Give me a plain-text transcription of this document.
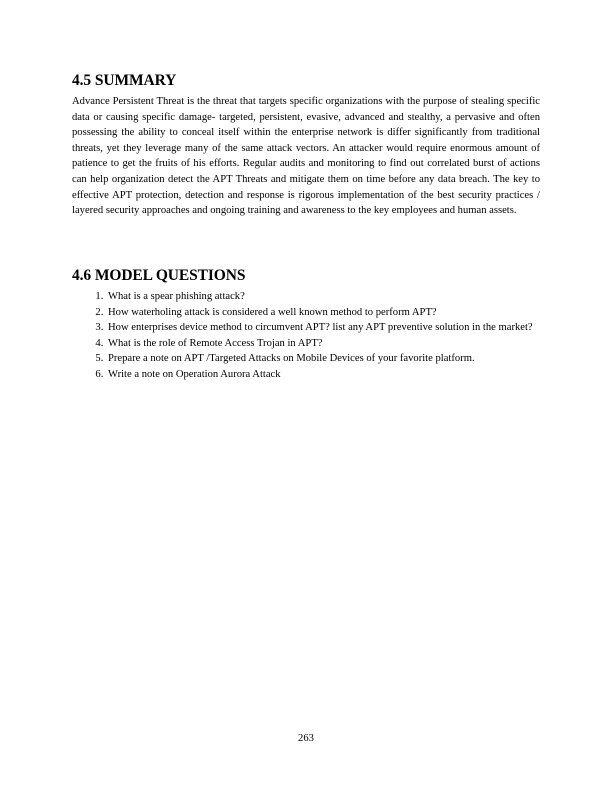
4.5 SUMMARY

Advance Persistent Threat is the threat that targets specific organizations with the purpose of stealing specific data or causing specific damage- targeted, persistent, evasive, advanced and stealthy, a pervasive and often possessing the ability to conceal itself within the enterprise network is differ significantly from traditional threats, yet they leverage many of the same attack vectors. An attacker would require enormous amount of patience to get the fruits of his efforts. Regular audits and monitoring to find out correlated burst of actions can help organization detect the APT Threats and mitigate them on time before any data breach. The key to effective APT protection, detection and response is rigorous implementation of the best security practices / layered security approaches and ongoing training and awareness to the key employees and human assets.

4.6 MODEL QUESTIONS
1. What is a spear phishing attack?
2. How waterholing attack is considered a well known method to perform APT?
3. How enterprises device method to circumvent APT? list any APT preventive solution in the market?
4. What is the role of Remote Access Trojan in APT?
5. Prepare a note on APT /Targeted Attacks on Mobile Devices of your favorite platform.
6. Write a note on Operation Aurora Attack
263
